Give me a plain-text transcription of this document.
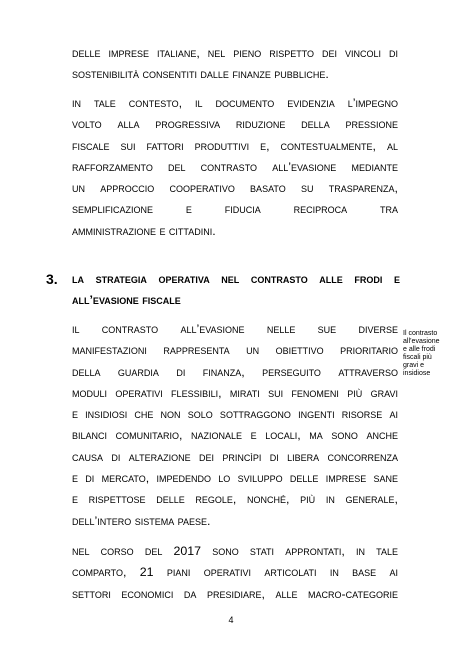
delle imprese italiane, nel pieno rispetto dei vincoli di
sostenibilità consentiti dalle finanze pubbliche.
in tale contesto, il documento evidenzia l’impegno
volto alla progressiva riduzione della pressione
fiscale sui fattori produttivi e, contestualmente, al
rafforzamento del contrasto all’evasione mediante
un approccio cooperativo basato su trasparenza,
semplificazione e fiducia reciproca tra
amministrazione e cittadini.
3. la strategia operativa nel contrasto alle frodi e
all’evasione fiscale
il contrasto all’evasione nelle sue diverse
manifestazioni rappresenta un obiettivo prioritario
della guardia di finanza, perseguito attraverso
moduli operativi flessibili, mirati sui fenomeni più gravi
e insidiosi che non solo sottraggono ingenti risorse ai
bilanci comunitario, nazionale e locali, ma sono anche
causa di alterazione dei princìpi di libera concorrenza
e di mercato, impedendo lo sviluppo delle imprese sane
e rispettose delle regole, nonché, più in generale,
dell’intero sistema paese.
nel corso del 2017 sono stati approntati, in tale
comparto, 21 piani operativi articolati in base ai
settori economici da presidiare, alle macro-categorie
Il contrasto
all’evasione
e alle frodi
fiscali più
gravi e
insidiose
4
